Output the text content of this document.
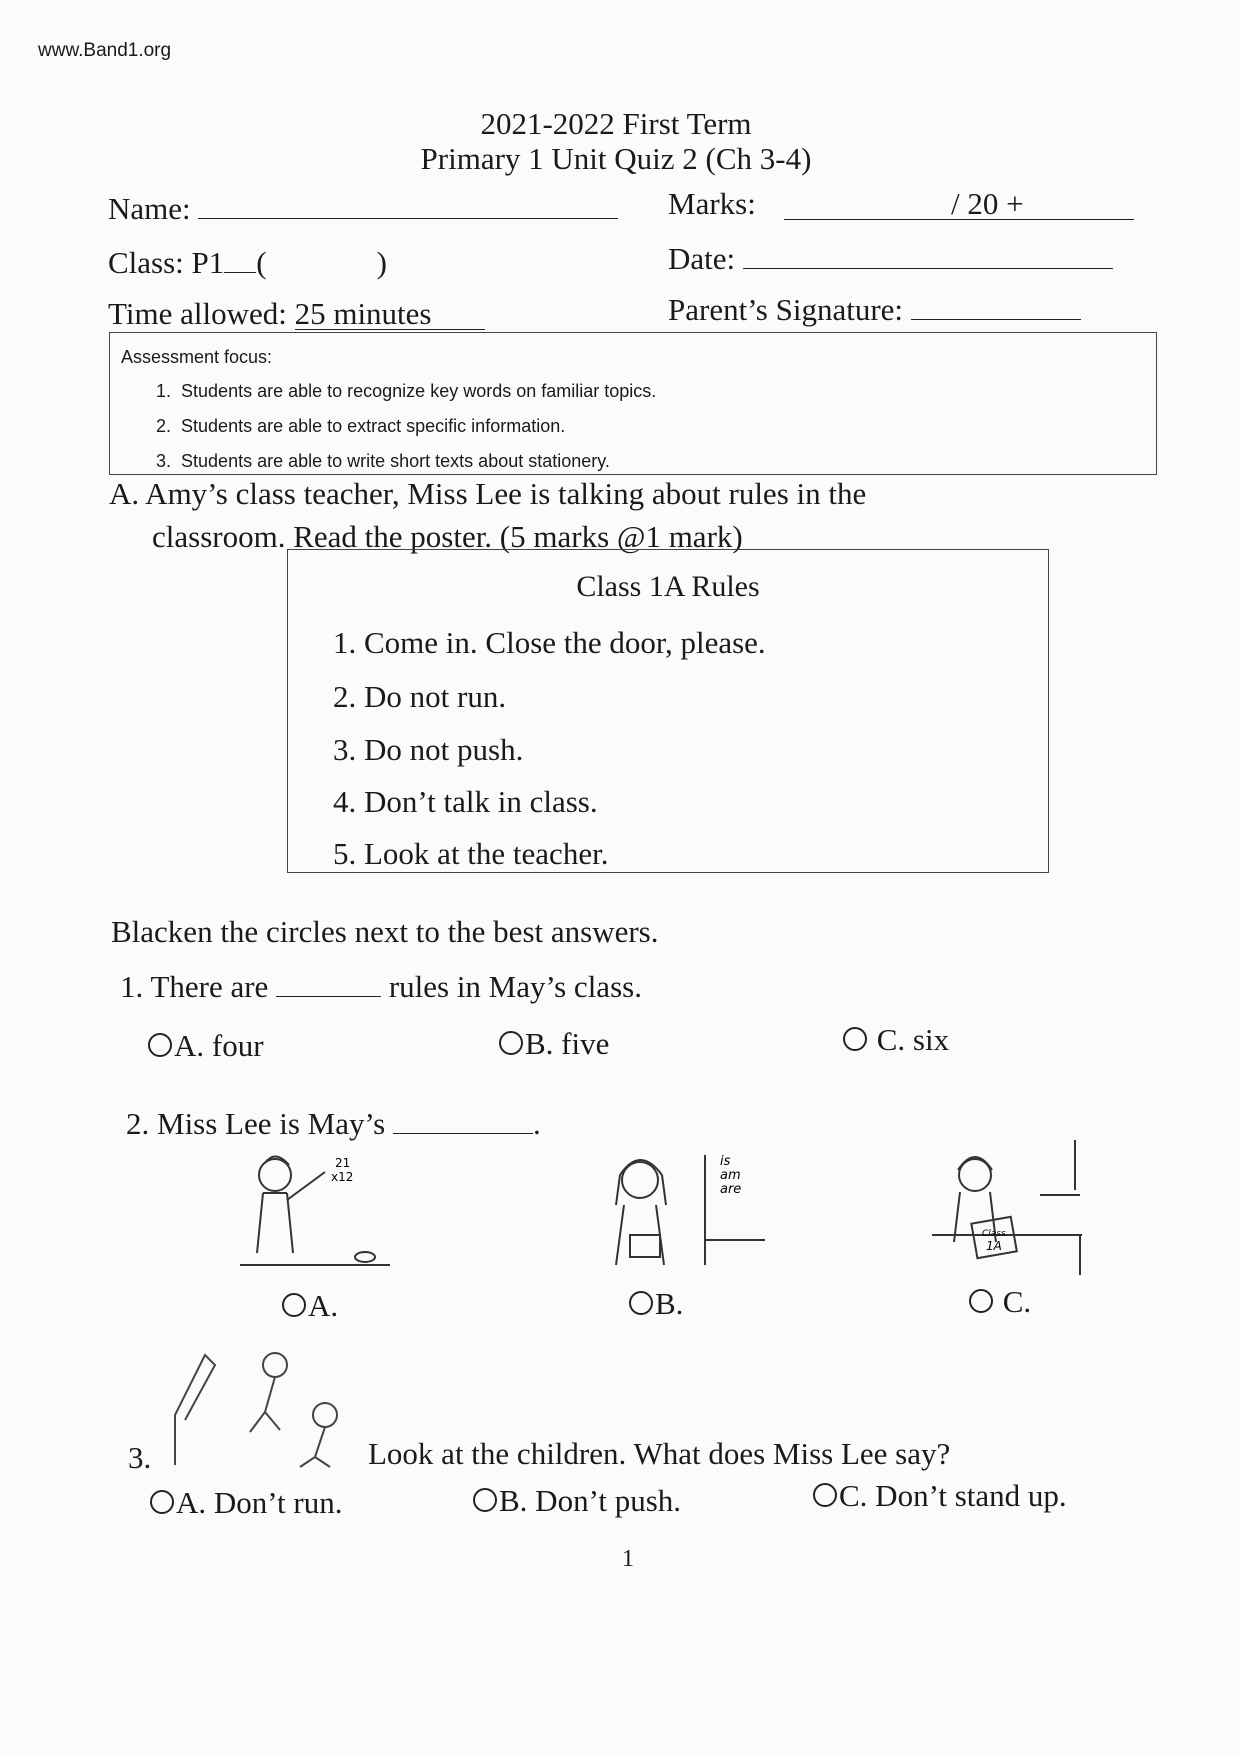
www.Band1.org
2021-2022 First Term
Primary 1 Unit Quiz 2 (Ch 3-4)
Name:	Marks:	/ 20 +
Class: P1 (	)	Date:
Time allowed: 25 minutes	Parent’s Signature:
Assessment focus:
1. Students are able to recognize key words on familiar topics.
2. Students are able to extract specific information.
3. Students are able to write short texts about stationery.
A. Amy’s class teacher, Miss Lee is talking about rules in the
classroom. Read the poster. (5 marks @1 mark)
Class 1A Rules
1. Come in. Close the door, please.
2. Do not run.
3. Do not push.
4. Don’t talk in class.
5. Look at the teacher.
Blacken the circles next to the best answers.
1. There are	rules in May’s class.
A. four	B. five	C. six
2. Miss Lee is May’s	.
21
x12
is
am
are
Class
1A
A.	B.	C.
3.	Look at the children. What does Miss Lee say?
A. Don’t run.	B. Don’t push.	C. Don’t stand up.
1
